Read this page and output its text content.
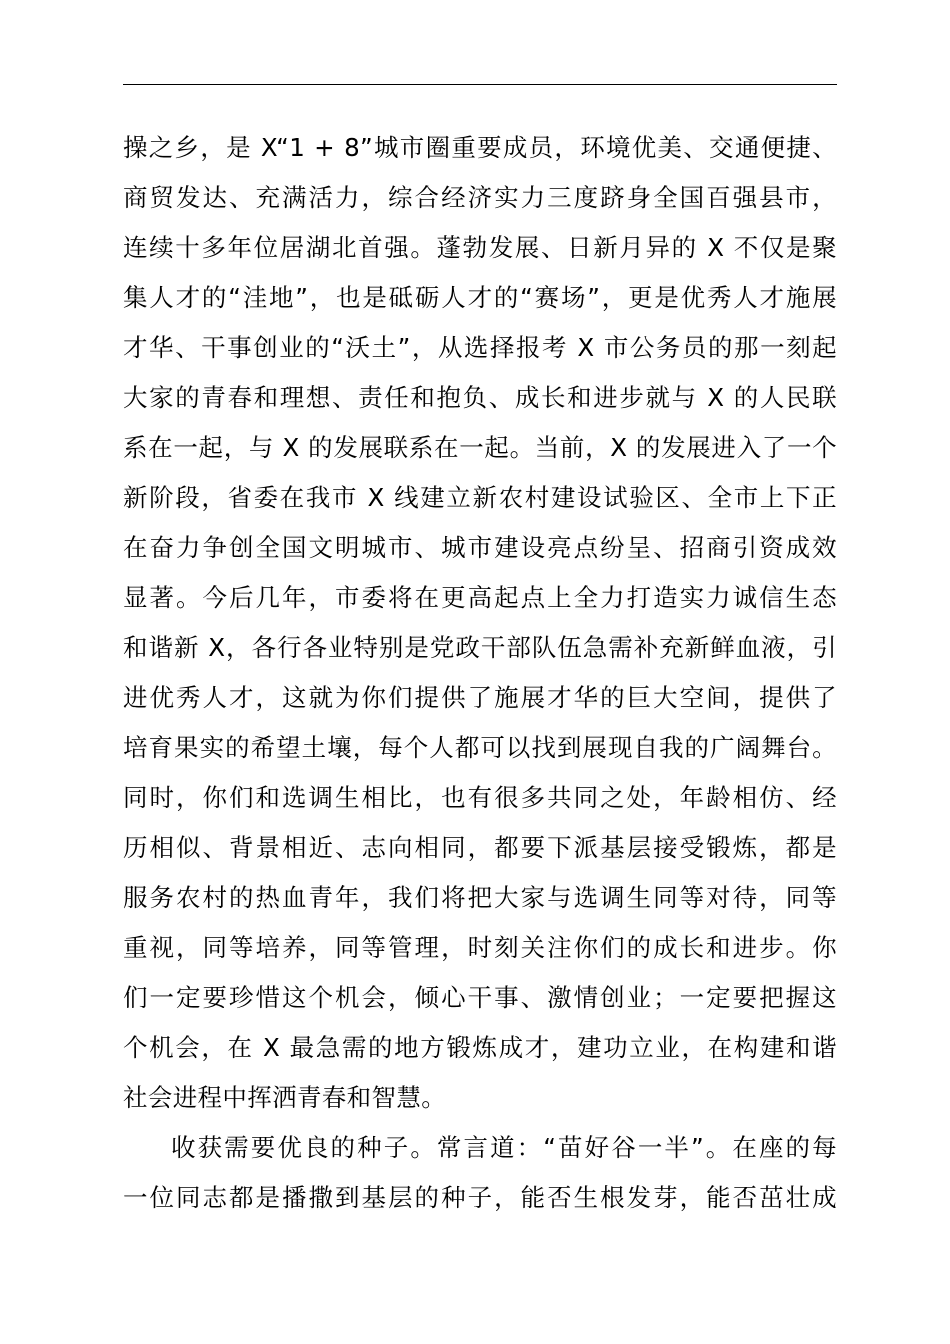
操之乡，是 X“1 + 8”城市圈重要成员，环境优美、交通便捷、
商贸发达、充满活力，综合经济实力三度跻身全国百强县市，
连续十多年位居湖北首强。蓬勃发展、日新月异的 X 不仅是聚
集人才的“洼地”，也是砥砺人才的“赛场”，更是优秀人才施展
才华、干事创业的“沃土”，从选择报考 X 市公务员的那一刻起
大家的青春和理想、责任和抱负、成长和进步就与 X 的人民联
系在一起，与 X 的发展联系在一起。当前，X 的发展进入了一个
新阶段，省委在我市 X 线建立新农村建设试验区、全市上下正
在奋力争创全国文明城市、城市建设亮点纷呈、招商引资成效
显著。今后几年，市委将在更高起点上全力打造实力诚信生态
和谐新 X，各行各业特别是党政干部队伍急需补充新鲜血液，引
进优秀人才，这就为你们提供了施展才华的巨大空间，提供了
培育果实的希望土壤，每个人都可以找到展现自我的广阔舞台。
同时，你们和选调生相比，也有很多共同之处，年龄相仿、经
历相似、背景相近、志向相同，都要下派基层接受锻炼，都是
服务农村的热血青年，我们将把大家与选调生同等对待，同等
重视，同等培养，同等管理，时刻关注你们的成长和进步。你
们一定要珍惜这个机会，倾心干事、激情创业；一定要把握这
个机会，在 X 最急需的地方锻炼成才，建功立业，在构建和谐
社会进程中挥洒青春和智慧。
收获需要优良的种子。常言道：“苗好谷一半”。在座的每
一位同志都是播撒到基层的种子，能否生根发芽，能否茁壮成
